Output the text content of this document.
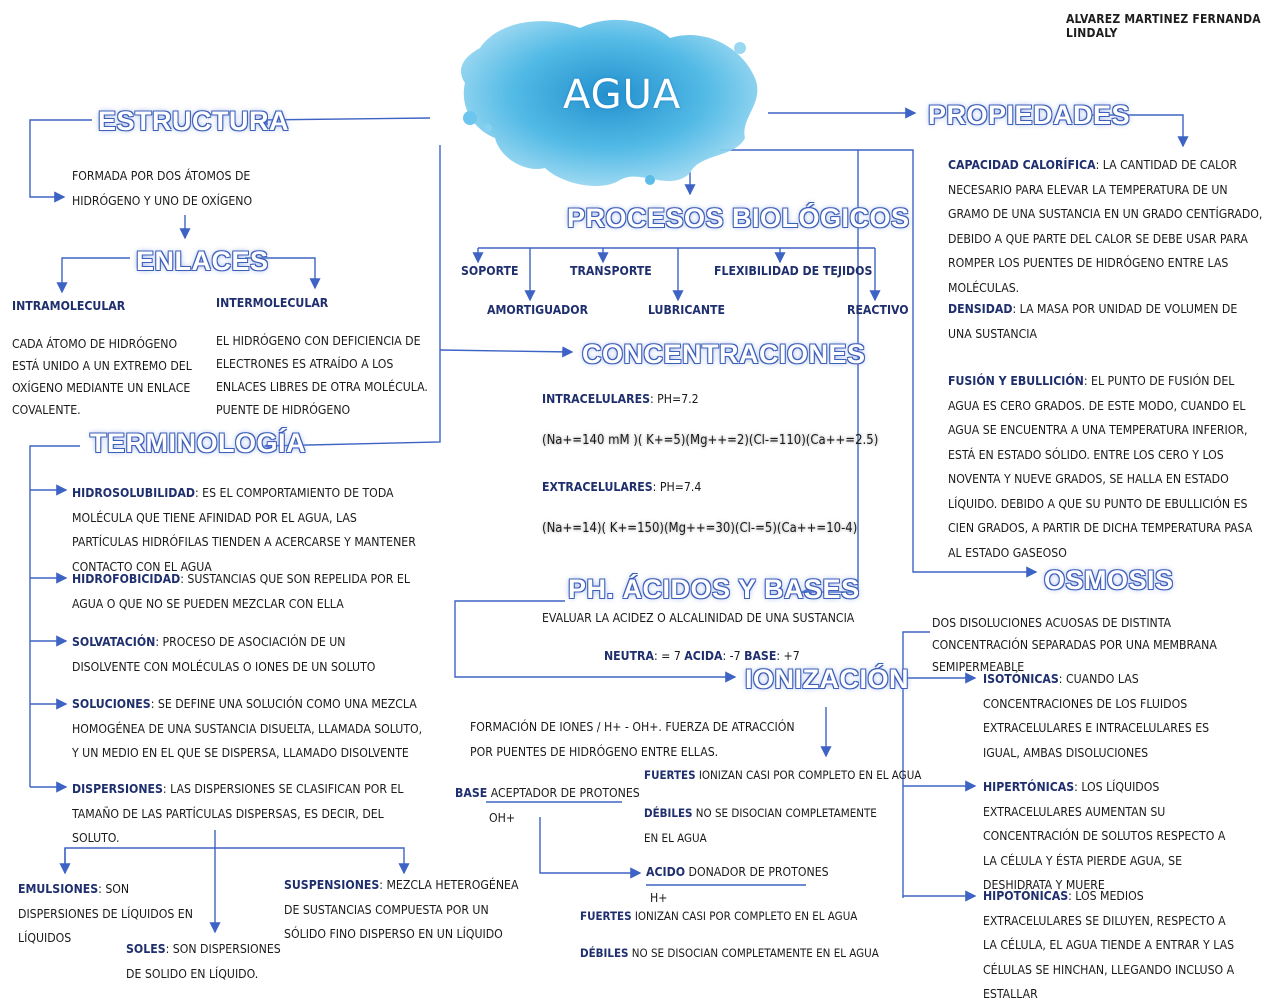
ALVAREZ MARTINEZ FERNANDA LINDALY
AGUA
ESTRUCTURA
FORMADA POR DOS ÁTOMOS DE HIDRÓGENO Y UNO DE OXÍGENO
ENLACES
INTRAMOLECULAR
CADA ÁTOMO DE HIDRÓGENO ESTÁ UNIDO A UN EXTREMO DEL OXÍGENO MEDIANTE UN ENLACE COVALENTE.
INTERMOLECULAR
EL HIDRÓGENO CON DEFICIENCIA DE ELECTRONES ES ATRAÍDO A LOS ENLACES LIBRES DE OTRA MOLÉCULA. PUENTE DE HIDRÓGENO
TERMINOLOGÍA
HIDROSOLUBILIDAD: ES EL COMPORTAMIENTO DE TODA MOLÉCULA QUE TIENE AFINIDAD POR EL AGUA, LAS PARTÍCULAS HIDRÓFILAS TIENDEN A ACERCARSE Y MANTENER CONTACTO CON EL AGUA
HIDROFOBICIDAD: SUSTANCIAS QUE SON REPELIDA POR EL AGUA O QUE NO SE PUEDEN MEZCLAR CON ELLA
SOLVATACIÓN: PROCESO DE ASOCIACIÓN DE UN DISOLVENTE CON MOLÉCULAS O IONES DE UN SOLUTO
SOLUCIONES: SE DEFINE UNA SOLUCIÓN COMO UNA MEZCLA HOMOGÉNEA DE UNA SUSTANCIA DISUELTA, LLAMADA SOLUTO, Y UN MEDIO EN EL QUE SE DISPERSA, LLAMADO DISOLVENTE
DISPERSIONES: LAS DISPERSIONES SE CLASIFICAN POR EL TAMAÑO DE LAS PARTÍCULAS DISPERSAS, ES DECIR, DEL SOLUTO.
EMULSIONES: SON DISPERSIONES DE LÍQUIDOS EN LÍQUIDOS
SUSPENSIONES: MEZCLA HETEROGÉNEA DE SUSTANCIAS COMPUESTA POR UN SÓLIDO FINO DISPERSO EN UN LÍQUIDO
SOLES: SON DISPERSIONES DE SOLIDO EN LÍQUIDO.
PROCESOS BIOLÓGICOS
SOPORTE
AMORTIGUADOR
TRANSPORTE
LUBRICANTE
FLEXIBILIDAD DE TEJIDOS
REACTIVO
CONCENTRACIONES
INTRACELULARES: PH=7.2
(Na+=140 mM )( K+=5)(Mg++=2)(Cl-=110)(Ca++=2.5)
EXTRACELULARES: PH=7.4
(Na+=14)( K+=150)(Mg++=30)(Cl-=5)(Ca++=10-4)
PH. ÁCIDOS Y BASES
EVALUAR LA ACIDEZ O ALCALINIDAD DE UNA SUSTANCIA
NEUTRA: = 7 ACIDA: -7 BASE: +7
IONIZACIÓN
FORMACIÓN DE IONES / H+ - OH+. FUERZA DE ATRACCIÓN POR PUENTES DE HIDRÓGENO ENTRE ELLAS.
BASE ACEPTADOR DE PROTONES
OH+
FUERTES IONIZAN CASI POR COMPLETO EN EL AGUA
DÉBILES NO SE DISOCIAN COMPLETAMENTE EN EL AGUA
ACIDO DONADOR DE PROTONES
H+
FUERTES IONIZAN CASI POR COMPLETO EN EL AGUA
DÉBILES NO SE DISOCIAN COMPLETAMENTE EN EL AGUA
PROPIEDADES
CAPACIDAD CALORÍFICA: LA CANTIDAD DE CALOR NECESARIO PARA ELEVAR LA TEMPERATURA DE UN GRAMO DE UNA SUSTANCIA EN UN GRADO CENTÍGRADO, DEBIDO A QUE PARTE DEL CALOR SE DEBE USAR PARA ROMPER LOS PUENTES DE HIDRÓGENO ENTRE LAS MOLÉCULAS.
DENSIDAD: LA MASA POR UNIDAD DE VOLUMEN DE UNA SUSTANCIA
FUSIÓN Y EBULLICIÓN: EL PUNTO DE FUSIÓN DEL AGUA ES CERO GRADOS. DE ESTE MODO, CUANDO EL AGUA SE ENCUENTRA A UNA TEMPERATURA INFERIOR, ESTÁ EN ESTADO SÓLIDO. ENTRE LOS CERO Y LOS NOVENTA Y NUEVE GRADOS, SE HALLA EN ESTADO LÍQUIDO. DEBIDO A QUE SU PUNTO DE EBULLICIÓN ES CIEN GRADOS, A PARTIR DE DICHA TEMPERATURA PASA AL ESTADO GASEOSO
OSMOSIS
DOS DISOLUCIONES ACUOSAS DE DISTINTA CONCENTRACIÓN SEPARADAS POR UNA MEMBRANA SEMIPERMEABLE
ISOTÓNICAS: CUANDO LAS CONCENTRACIONES DE LOS FLUIDOS EXTRACELULARES E INTRACELULARES ES IGUAL, AMBAS DISOLUCIONES
HIPERTÓNICAS: LOS LÍQUIDOS EXTRACELULARES AUMENTAN SU CONCENTRACIÓN DE SOLUTOS RESPECTO A LA CÉLULA Y ÉSTA PIERDE AGUA, SE DESHIDRATA Y MUERE
HIPOTÓNICAS: LOS MEDIOS EXTRACELULARES SE DILUYEN, RESPECTO A LA CÉLULA, EL AGUA TIENDE A ENTRAR Y LAS CÉLULAS SE HINCHAN, LLEGANDO INCLUSO A ESTALLAR
